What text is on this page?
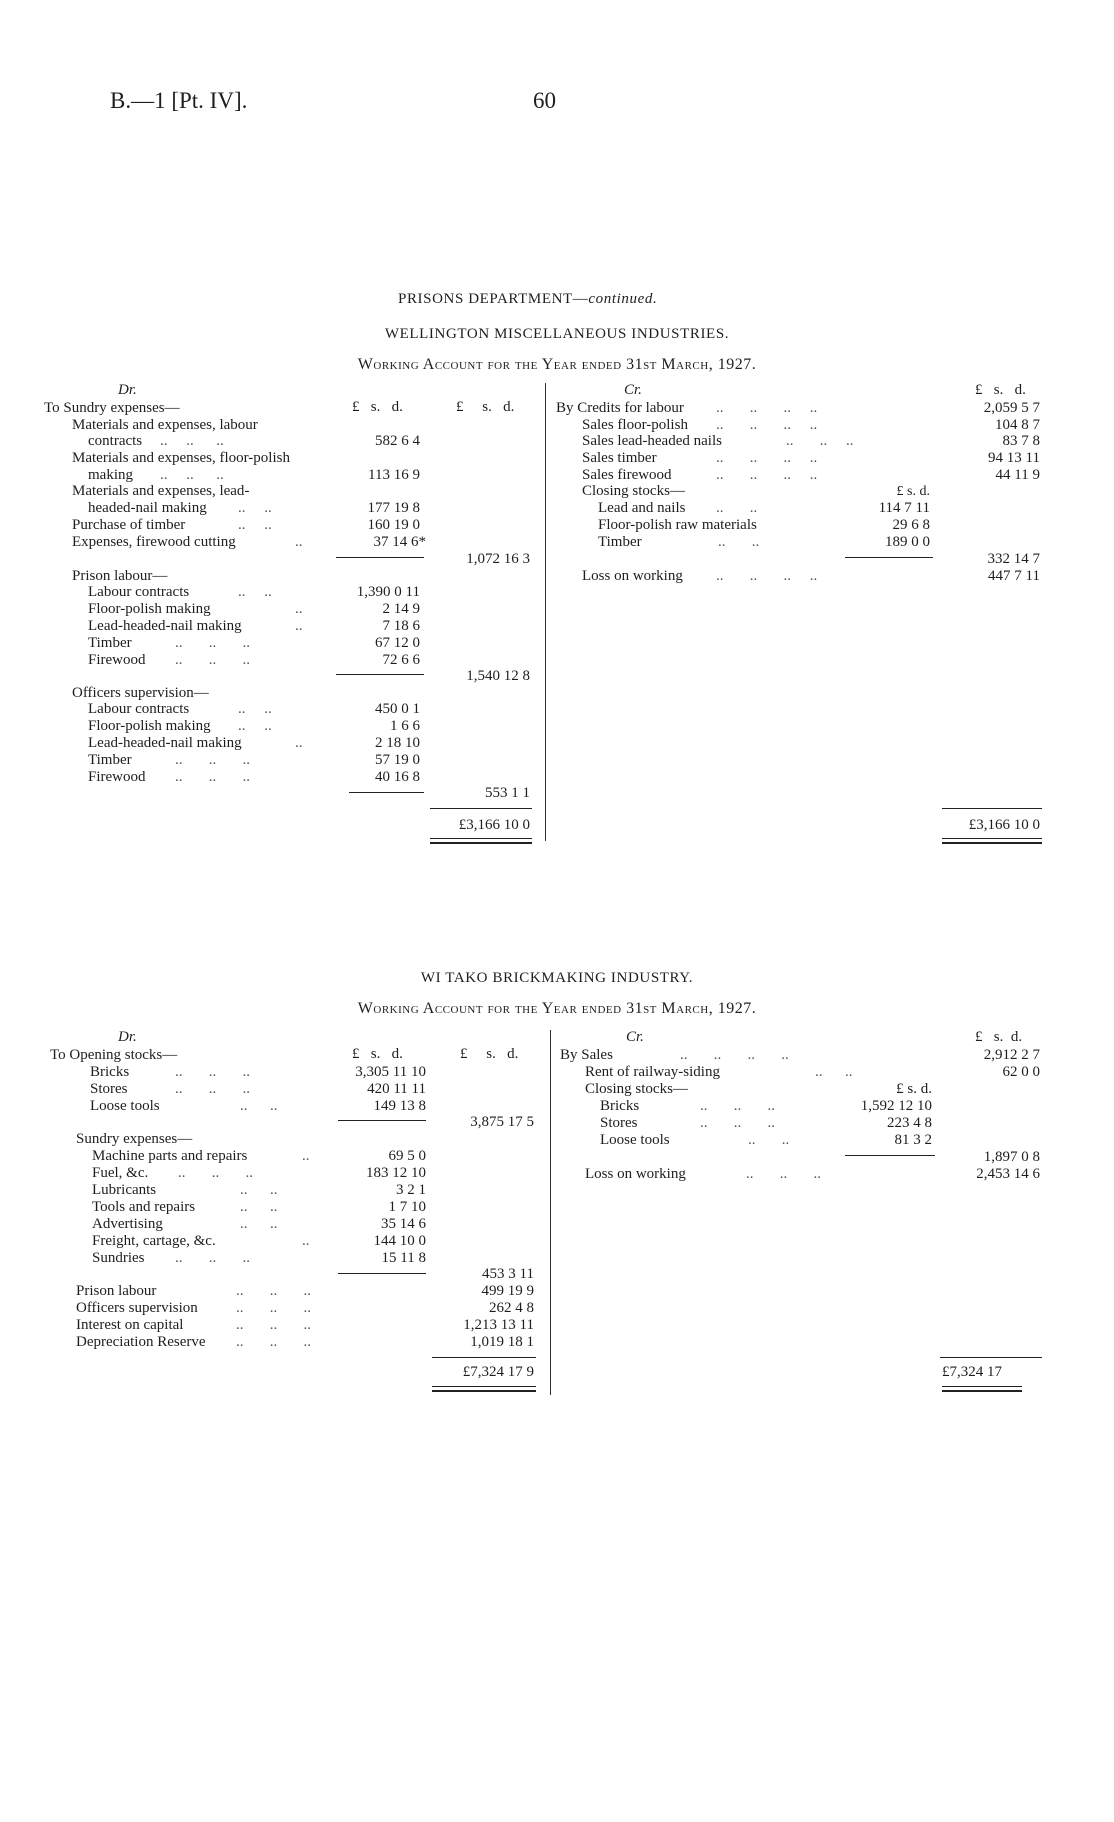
B.—1 [Pt. IV].	60
PRISONS DEPARTMENT—continued.
WELLINGTON MISCELLANEOUS INDUSTRIES.
Working Account for the Year ended 31st March, 1927.
Dr.	Cr.
£ s. d.	£ s. d.
£ s. d.
To Sundry expenses—
Materials and expenses, labour
contracts ..     ..      ..	582 6 4
Materials and expenses, floor-polish
making ..     ..      ..	113 16 9
Materials and expenses, lead-
headed-nail making ..     ..	177 19 8
Purchase of timber	..     ..	160 19 0
Expenses, firewood cutting	..	37 14 6*
1,072 16 3
Prison labour—
Labour contracts	..     ..	1,390 0 11
Floor-polish making	..	2 14 9
Lead-headed-nail making	..	7 18 6
Timber	..       ..       ..	67 12 0
Firewood ..       ..       ..	72 6 6
1,540 12 8
Officers supervision—
Labour contracts	..     ..	450 0 1
Floor-polish making ..     ..	1 6 6
Lead-headed-nail making	..	2 18 10
Timber	..       ..       ..	57 19 0
Firewood ..       ..       ..	40 16 8
553 1 1
£3,166 10 0
By Credits for labour ..       ..       ..     ..	2,059 5 7
Sales floor-polish ..       ..       ..     ..	104 8 7
Sales lead-headed nails	..       ..     ..	83 7 8
Sales timber	..       ..       ..     ..	94 13 11
Sales firewood	..       ..       ..     ..	44 11 9
Closing stocks—	£ s. d.
Lead and nails ..       ..	114 7 11
Floor-polish raw materials	29 6 8
Timber	..       ..	189 0 0
332 14 7
Loss on working ..       ..       ..     ..	447 7 11
£3,166 10 0
WI TAKO BRICKMAKING INDUSTRY.
Working Account for the Year ended 31st March, 1927.
Dr.	Cr.
£ s. d.	£ s. d.
£ s. d.
To Opening stocks—
Bricks	..       ..       ..	3,305 11 10
Stores	..       ..       ..	420 11 11
Loose tools	..      ..	149 13 8
3,875 17 5
Sundry expenses—
Machine parts and repairs	..	69 5 0
Fuel, &c. ..       ..       ..	183 12 10
Lubricants	..      ..	3 2 1
Tools and repairs	..      ..	1 7 10
Advertising	..      ..	35 14 6
Freight, cartage, &c.	..	144 10 0
Sundries ..       ..       ..	15 11 8
453 3 11
Prison labour	..       ..       ..	499 19 9
Officers supervision	..       ..       ..	262 4 8
Interest on capital	..       ..       ..	1,213 13 11
Depreciation Reserve ..       ..       ..	1,019 18 1
£7,324 17 9
By Sales	..       ..       ..       ..	2,912 2 7
Rent of railway-siding	..      ..	62 0 0
Closing stocks—	£ s. d.
Bricks	..       ..       ..	1,592 12 10
Stores	..       ..       ..	223 4 8
Loose tools	..       ..	81 3 2
1,897 0 8
Loss on working	..       ..       ..	2,453 14 6
£7,324 17
